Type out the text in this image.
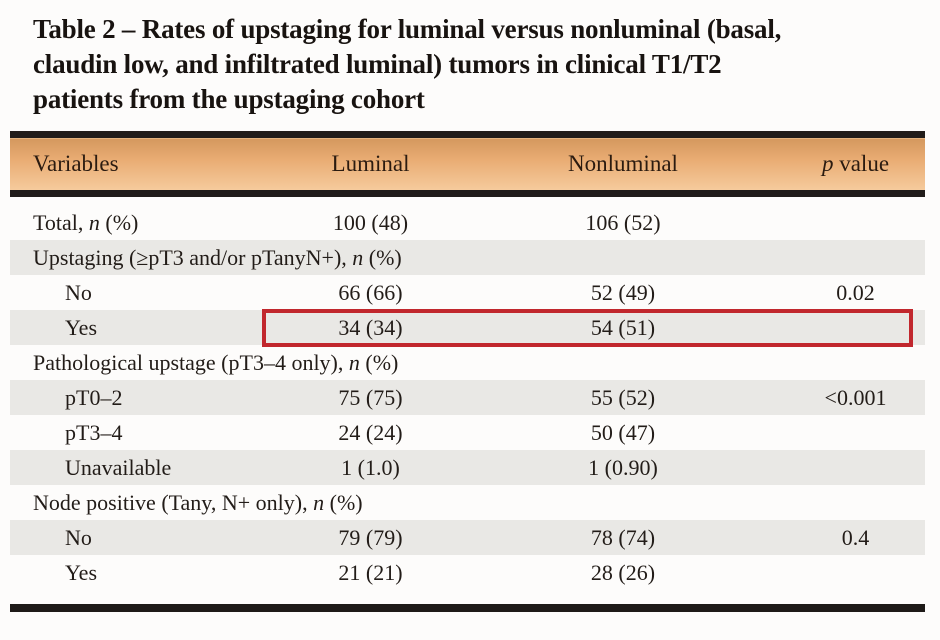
Table 2 – Rates of upstaging for luminal versus nonluminal (basal,
claudin low, and infiltrated luminal) tumors in clinical T1/T2
patients from the upstaging cohort
Variables	Luminal	Nonluminal	p value

Total, n (%)	100 (48)	106 (52)	
Upstaging (≥pT3 and/or pTanyN+), n (%)			
No	66 (66)	52 (49)	0.02
Yes	34 (34)	54 (51)	
Pathological upstage (pT3–4 only), n (%)			
pT0–2	75 (75)	55 (52)	<0.001
pT3–4	24 (24)	50 (47)	
Unavailable	1 (1.0)	1 (0.90)	
Node positive (Tany, N+ only), n (%)			
No	79 (79)	78 (74)	0.4
Yes	21 (21)	28 (26)	
